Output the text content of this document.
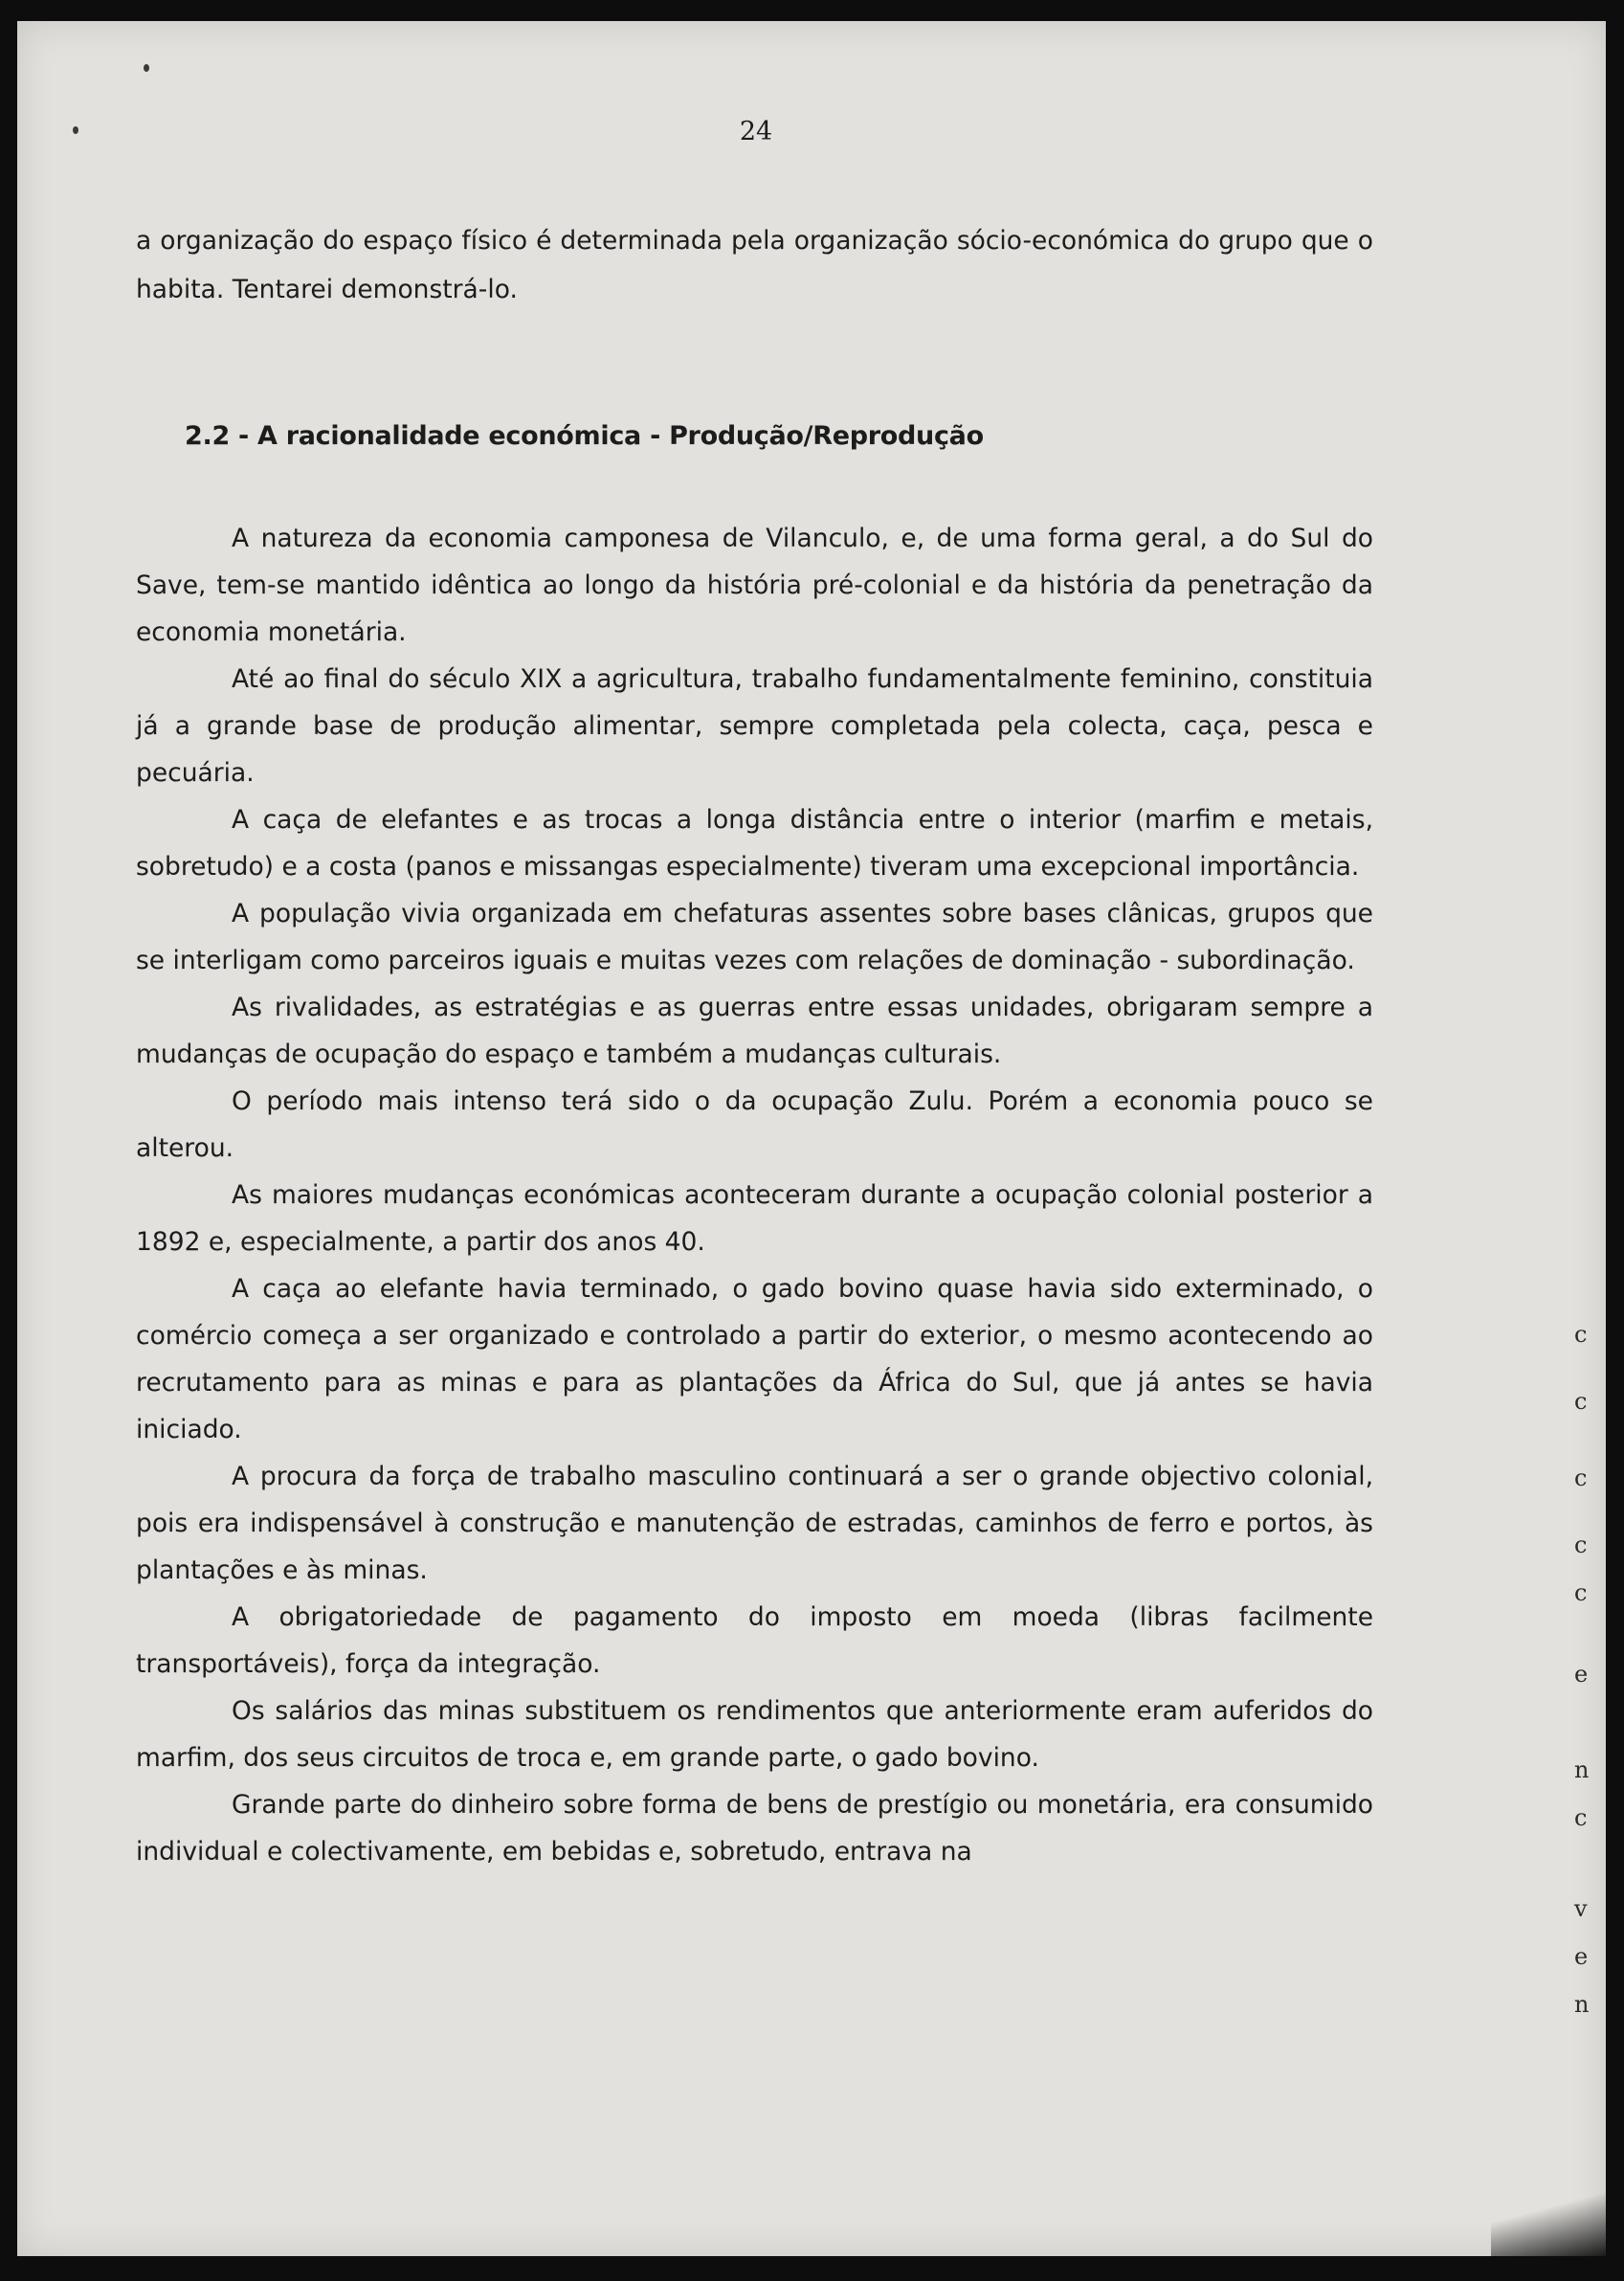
24

a organização do espaço físico é determinada pela organização sócio-económica do grupo que o habita. Tentarei demonstrá-lo.

2.2 - A racionalidade económica - Produção/Reprodução

A natureza da economia camponesa de Vilanculo, e, de uma forma geral, a do Sul do Save, tem-se mantido idêntica ao longo da história pré-colonial e da história da penetração da economia monetária.

Até ao final do século XIX a agricultura, trabalho fundamentalmente feminino, constituia já a grande base de produção alimentar, sempre completada pela colecta, caça, pesca e pecuária.

A caça de elefantes e as trocas a longa distância entre o interior (marfim e metais, sobretudo) e a costa (panos e missangas especialmente) tiveram uma excepcional importância.

A população vivia organizada em chefaturas assentes sobre bases clânicas, grupos que se interligam como parceiros iguais e muitas vezes com relações de dominação - subordinação.

As rivalidades, as estratégias e as guerras entre essas unidades, obrigaram sempre a mudanças de ocupação do espaço e também a mudanças culturais.

O período mais intenso terá sido o da ocupação Zulu. Porém a economia pouco se alterou.

As maiores mudanças económicas aconteceram durante a ocupação colonial posterior a 1892 e, especialmente, a partir dos anos 40.

A caça ao elefante havia terminado, o gado bovino quase havia sido exterminado, o comércio começa a ser organizado e controlado a partir do exterior, o mesmo acontecendo ao recrutamento para as minas e para as plantações da África do Sul, que já antes se havia iniciado.

A procura da força de trabalho masculino continuará a ser o grande objectivo colonial, pois era indispensável à construção e manutenção de estradas, caminhos de ferro e portos, às plantações e às minas.

A obrigatoriedade de pagamento do imposto em moeda (libras facilmente transportáveis), força da integração.

Os salários das minas substituem os rendimentos que anteriormente eram auferidos do marfim, dos seus circuitos de troca e, em grande parte, o gado bovino.

Grande parte do dinheiro sobre forma de bens de prestígio ou monetária, era consumido individual e colectivamente, em bebidas e, sobretudo, entrava na

c
c
c
c
c
e
n
c
v
e
n
